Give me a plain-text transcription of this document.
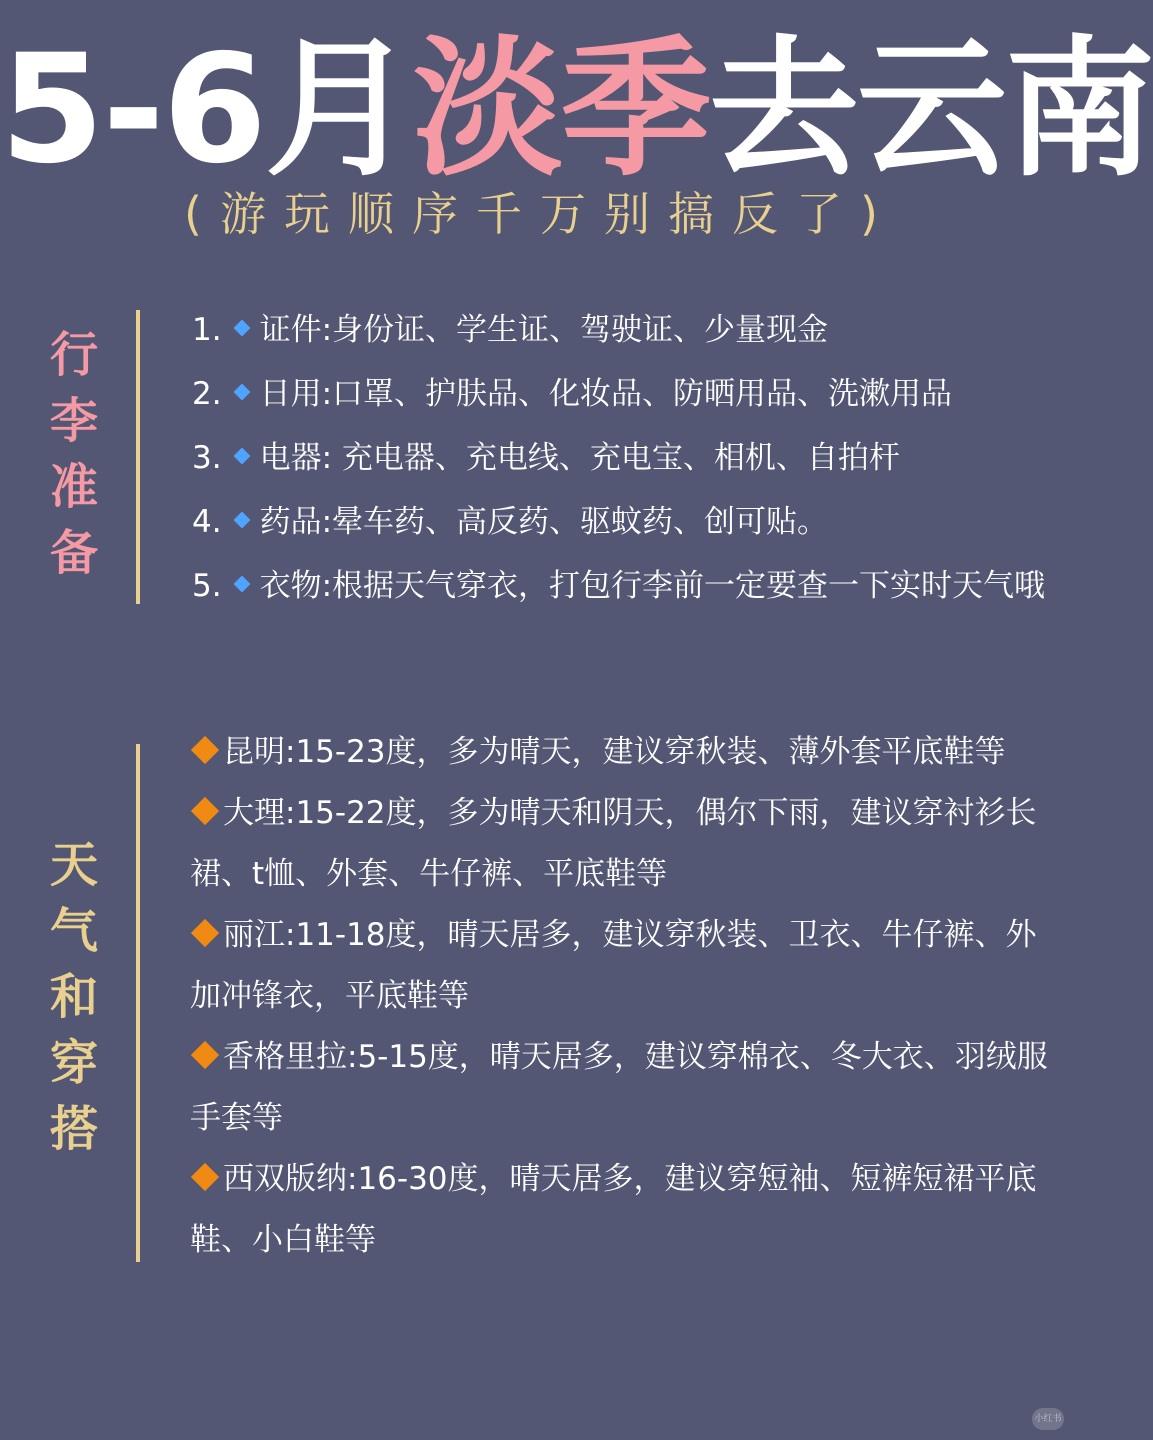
5-6月淡季去云南
(游玩顺序千万别搞反了)
行
李
准
备
1. 证件:身份证、学生证、驾驶证、少量现金
2. 日用:口罩、护肤品、化妆品、防晒用品、洗漱用品
3. 电器: 充电器、充电线、充电宝、相机、自拍杆
4. 药品:晕车药、高反药、驱蚊药、创可贴。
5. 衣物:根据天气穿衣，打包行李前一定要查一下实时天气哦
天
气
和
穿
搭
昆明:15-23度，多为晴天，建议穿秋装、薄外套平底鞋等
大理:15-22度，多为晴天和阴天，偶尔下雨，建议穿衬衫长裙、t恤、外套、牛仔裤、平底鞋等
丽江:11-18度，晴天居多，建议穿秋装、卫衣、牛仔裤、外加冲锋衣，平底鞋等
香格里拉:5-15度，晴天居多，建议穿棉衣、冬大衣、羽绒服手套等
西双版纳:16-30度，晴天居多，建议穿短袖、短裤短裙平底鞋、小白鞋等
小红书
